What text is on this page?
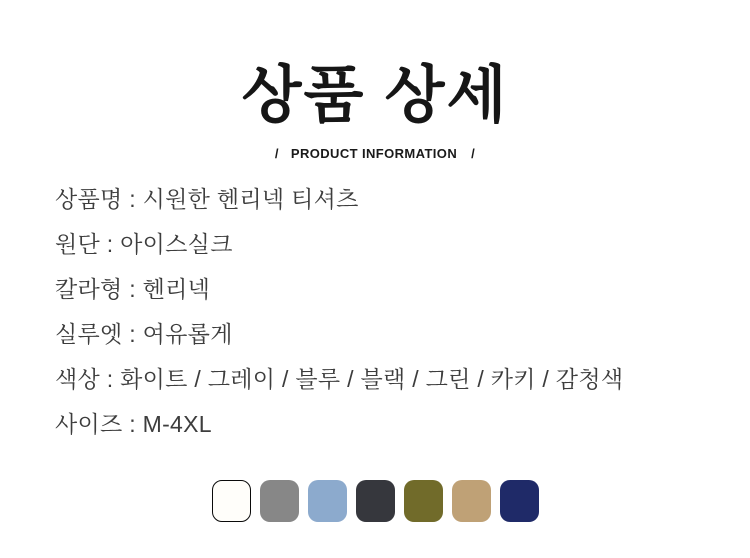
상품 상세
/ PRODUCT INFORMATION /
상품명 : 시원한 헨리넥 티셔츠
원단 : 아이스실크
칼라형 : 헨리넥
실루엣 : 여유롭게
색상 : 화이트 / 그레이 / 블루 / 블랙 / 그린 / 카키 / 감청색
사이즈 : M-4XL
